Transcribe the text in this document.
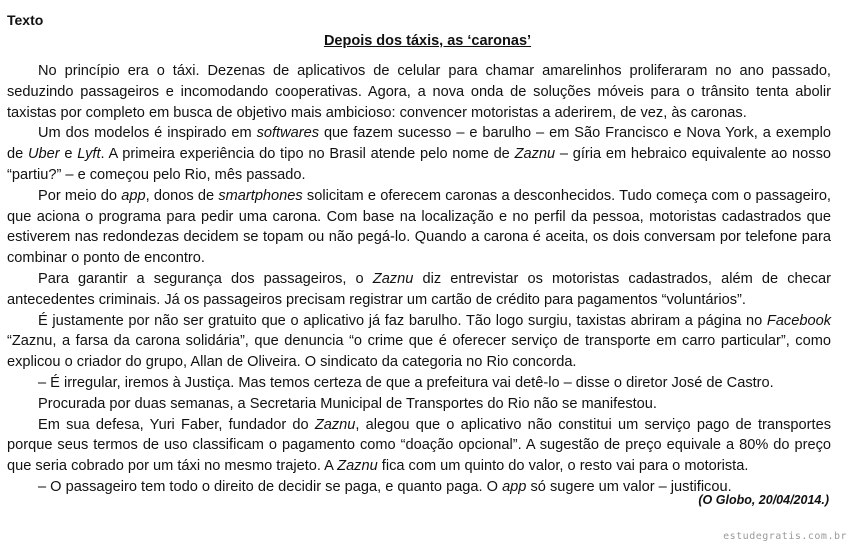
Texto
Depois dos táxis, as ‘caronas’

No princípio era o táxi. Dezenas de aplicativos de celular para chamar amarelinhos proliferaram no ano passado, seduzindo passageiros e incomodando cooperativas. Agora, a nova onda de soluções móveis para o trânsito tenta abolir taxistas por completo em busca de objetivo mais ambicioso: convencer motoristas a aderirem, de vez, às caronas.

Um dos modelos é inspirado em softwares que fazem sucesso – e barulho – em São Francisco e Nova York, a exemplo de Uber e Lyft. A primeira experiência do tipo no Brasil atende pelo nome de Zaznu – gíria em hebraico equivalente ao nosso “partiu?” – e começou pelo Rio, mês passado.

Por meio do app, donos de smartphones solicitam e oferecem caronas a desconhecidos. Tudo começa com o passageiro, que aciona o programa para pedir uma carona. Com base na localização e no perfil da pessoa, motoristas cadastrados que estiverem nas redondezas decidem se topam ou não pegá-lo. Quando a carona é aceita, os dois conversam por telefone para combinar o ponto de encontro.

Para garantir a segurança dos passageiros, o Zaznu diz entrevistar os motoristas cadastrados, além de checar antecedentes criminais. Já os passageiros precisam registrar um cartão de crédito para pagamentos “voluntários”.

É justamente por não ser gratuito que o aplicativo já faz barulho. Tão logo surgiu, taxistas abriram a página no Facebook “Zaznu, a farsa da carona solidária”, que denuncia “o crime que é oferecer serviço de transporte em carro particular”, como explicou o criador do grupo, Allan de Oliveira. O sindicato da categoria no Rio concorda.

– É irregular, iremos à Justiça. Mas temos certeza de que a prefeitura vai detê-lo – disse o diretor José de Castro.

Procurada por duas semanas, a Secretaria Municipal de Transportes do Rio não se manifestou.

Em sua defesa, Yuri Faber, fundador do Zaznu, alegou que o aplicativo não constitui um serviço pago de transportes porque seus termos de uso classificam o pagamento como “doação opcional”. A sugestão de preço equivale a 80% do preço que seria cobrado por um táxi no mesmo trajeto. A Zaznu fica com um quinto do valor, o resto vai para o motorista.

– O passageiro tem todo o direito de decidir se paga, e quanto paga. O app só sugere um valor – justificou.

(O Globo, 20/04/2014.)
estudegratis.com.br
